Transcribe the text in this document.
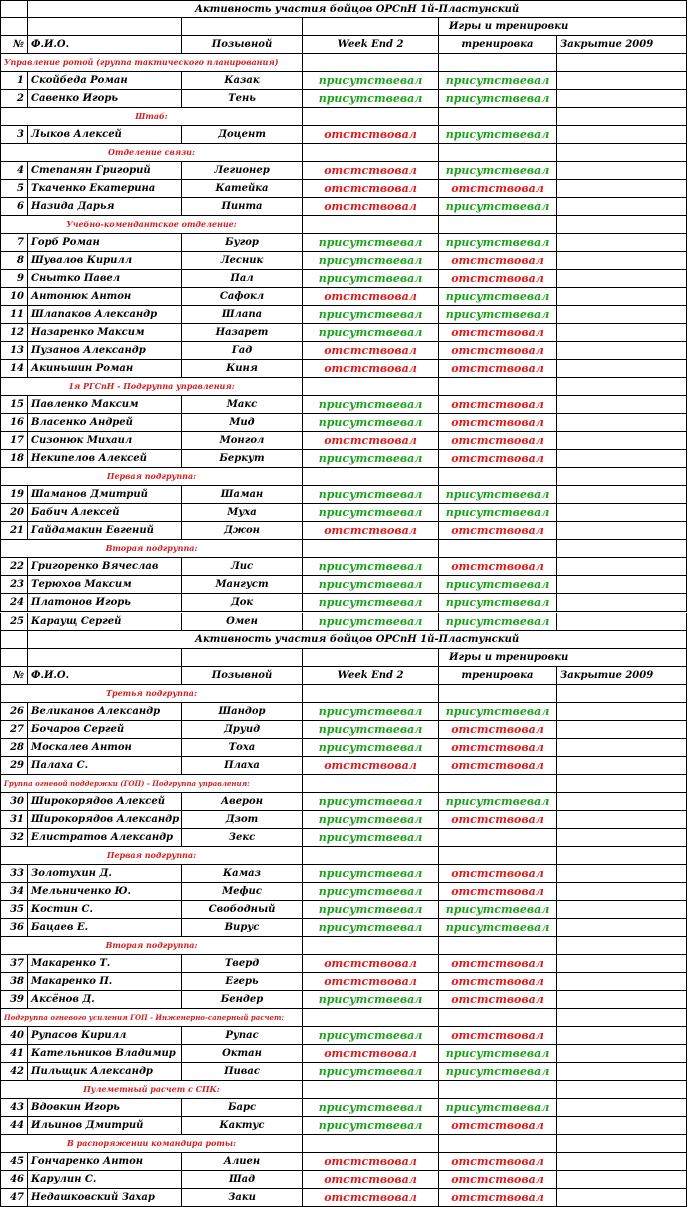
Активность участия бойцов ОРСпН 1й-Пластунский
Игры и тренировки
№ Ф.И.О.	Позывной	Week End 2	тренировка	Закрытие 2009
Управление ротой (группа тактического планирования)
1 Скойбеда Роман	Казак	присутствевал	присутствевал
2 Савенко Игорь	Тень	присутствевал	присутствевал
Штаб:
3 Лыков Алексей	Доцент	отстствовал	присутствевал
Отделение связи:
4 Степанян Григорий	Легионер	отстствовал	присутствевал
5 Ткаченко Екатерина	Катейка	отстствовал	отстствовал
6 Назида Дарья	Пинта	отстствовал	присутствевал
Учебно-комендантское отделение:
7 Горб Роман	Бугор	присутствевал	присутствевал
8 Шувалов Кирилл	Лесник	присутствевал	отстствовал
9 Снытко Павел	Пал	присутствевал	отстствовал
10 Антонюк Антон	Сафокл	отстствовал	присутствевал
11 Шлапаков Александр	Шлапа	присутствевал	присутствевал
12 Назаренко Максим	Назарет	присутствевал	отстствовал
13 Пузанов Александр	Гад	отстствовал	отстствовал
14 Акиньшин Роман	Киня	отстствовал	отстствовал
1я РГСпН - Подгруппа управления:
15 Павленко Максим	Макс	присутствевал	отстствовал
16 Власенко Андрей	Мид	присутствевал	отстствовал
17 Сизонюк Михаил	Монгол	отстствовал	отстствовал
18 Некипелов Алексей	Беркут	присутствевал	отстствовал
Первая подгруппа:
19 Шаманов Дмитрий	Шаман	присутствевал	присутствевал
20 Бабич Алексей	Муха	присутствевал	присутствевал
21 Гайдамакин Евгений	Джон	отстствовал	отстствовал
Вторая подгруппа:
22 Григоренко Вячеслав	Лис	присутствевал	отстствовал
23 Терюхов Максим	Мангуст	присутствевал	присутствевал
24 Платонов Игорь	Док	присутствевал	присутствевал
25 Караущ Сергей	Омен	присутствевал	присутствевал
Активность участия бойцов ОРСпН 1й-Пластунский
Игры и тренировки
№ Ф.И.О.	Позывной	Week End 2	тренировка	Закрытие 2009
Третья подгруппа:
26 Великанов Александр	Шандор	присутствевал	присутствевал
27 Бочаров Сергей	Друид	присутствевал	отстствовал
28 Москалев Антон	Тоха	присутствевал	отстствовал
29 Палаха С.	Плаха	отстствовал	отстствовал
Группа огневой поддержки (ГОП) - Подгруппа управления:
30 Широкорядов Алексей	Аверон	присутствевал	присутствевал
31 Широкорядов Александр	Дзот	присутствевал	отстствовал
32 Елистратов Александр	Зекс	присутствевал
Первая подгруппа:
33 Золотухин Д.	Камаз	присутствевал	отстствовал
34 Мельниченко Ю.	Мефис	присутствевал	отстствовал
35 Костин С.	Свободный	присутствевал	присутствевал
36 Бацаев Е.	Вирус	присутствевал	присутствевал
Вторая подгруппа:
37 Макаренко Т.	Тверд	отстствовал	отстствовал
38 Макаренко П.	Егерь	отстствовал	отстствовал
39 Аксёнов Д.	Бендер	присутствевал	отстствовал
Подгруппа огневого усиления ГОП - Инженерно-саперный расчет:
40 Рупасов Кирилл	Рупас	присутствевал	отстствовал
41 Кательников Владимир	Октан	отстствовал	присутствевал
42 Пильщик Александр	Пивас	присутствевал	присутствевал
Пулеметный расчет с СПК:
43 Вдовкин Игорь	Барс	присутствевал	присутствевал
44 Ильинов Дмитрий	Кактус	присутствевал	отстствовал
В распоряжении командира роты:
45 Гончаренко Антон	Алиен	отстствовал	отстствовал
46 Карулин С.	Шад	отстствовал	отстствовал
47 Недашковский Захар	Заки	отстствовал	отстствовал
